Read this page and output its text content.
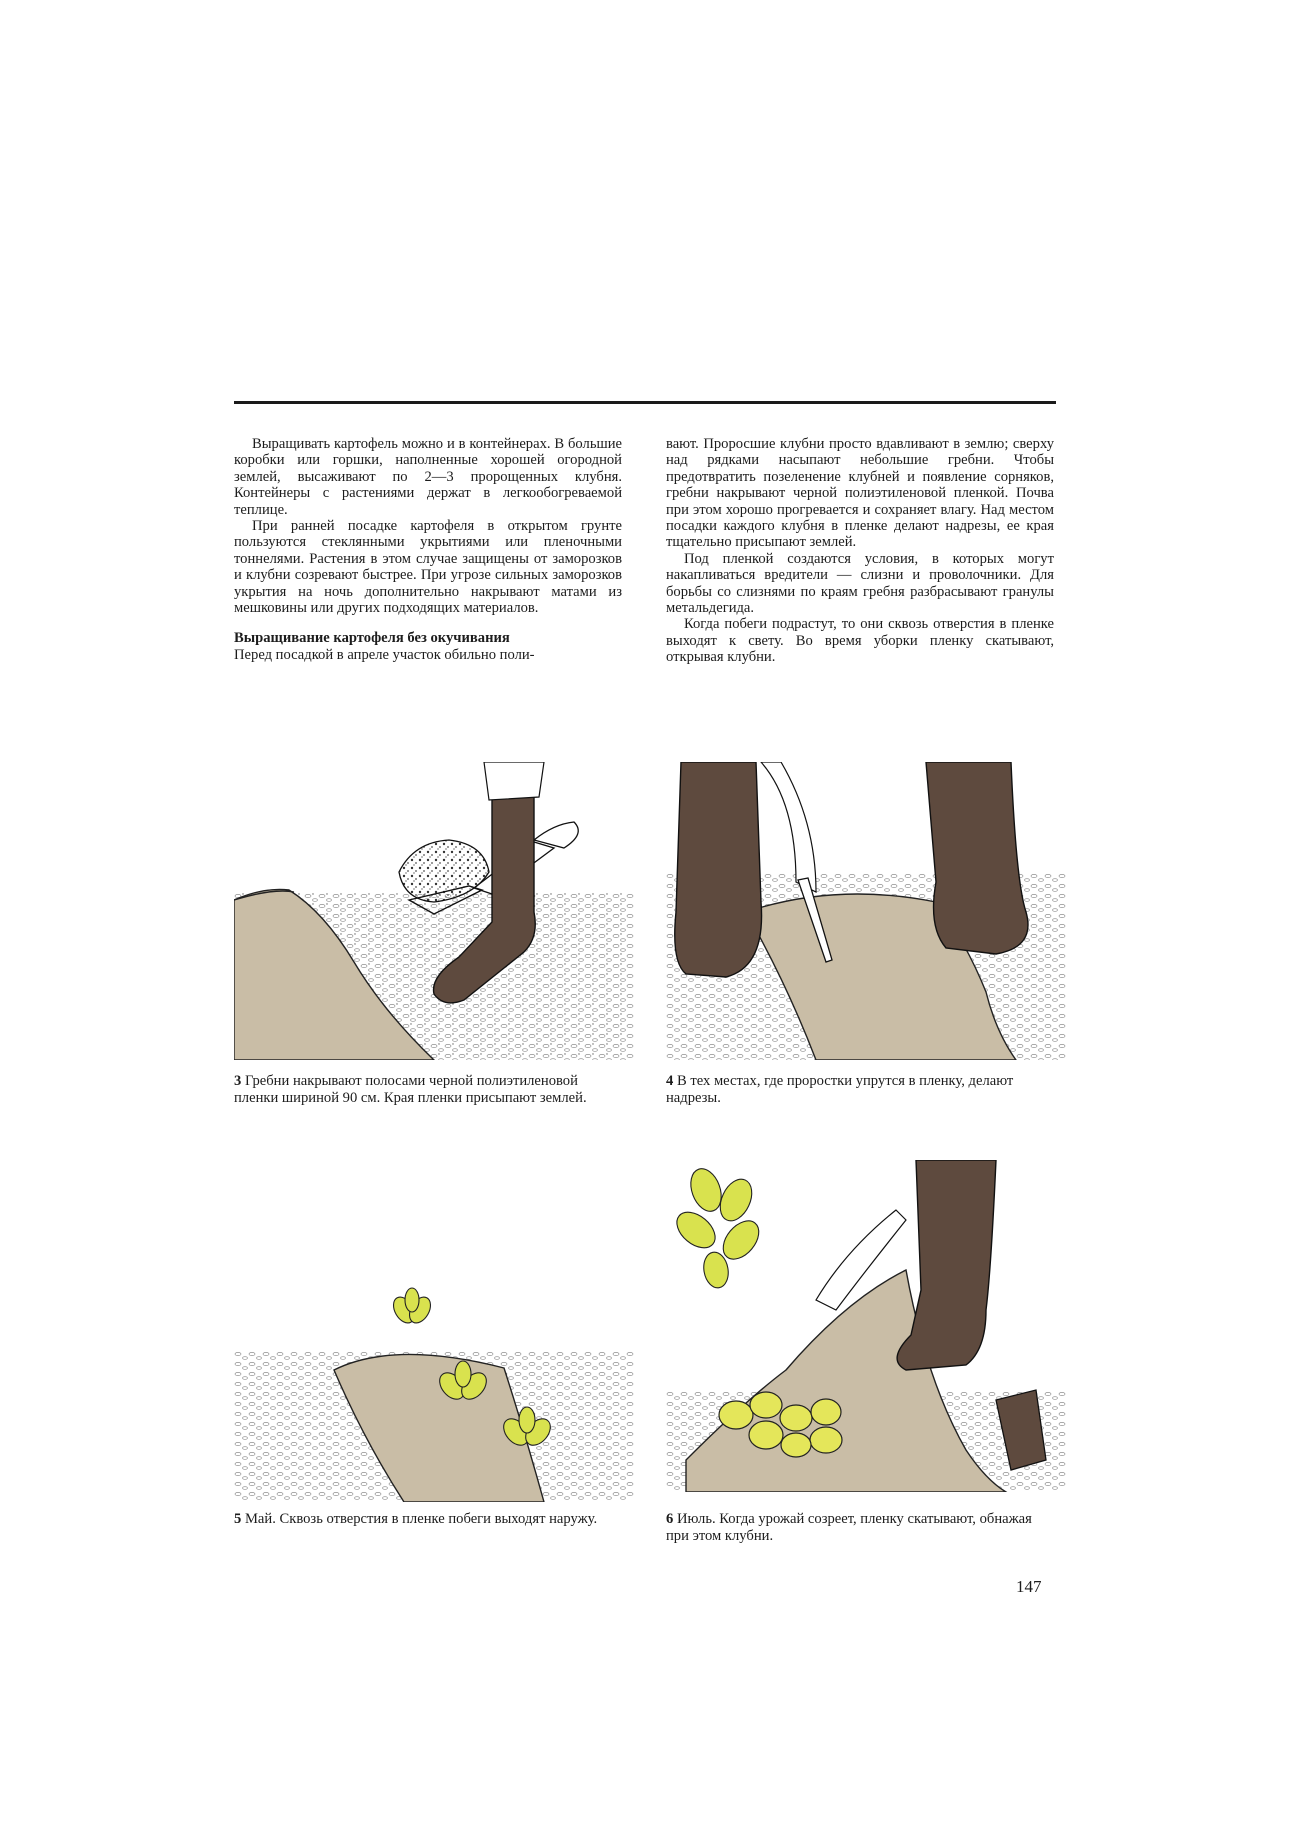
Выращивать картофель можно и в контейнерах. В большие коробки или горшки, наполненные хорошей огородной землей, высаживают по 2—3 пророщенных клубня. Контейнеры с растениями держат в легкообогреваемой теплице.

При ранней посадке картофеля в открытом грунте пользуются стеклянными укрытиями или пленочными тоннелями. Растения в этом случае защищены от заморозков и клубни созревают быстрее. При угрозе сильных заморозков укрытия на ночь дополнительно накрывают матами из мешковины или других подходящих материалов.

Выращивание картофеля без окучивания

Перед посадкой в апреле участок обильно поли-

вают. Проросшие клубни просто вдавливают в землю; сверху над рядками насыпают небольшие гребни. Чтобы предотвратить позеленение клубней и появление сорняков, гребни накрывают черной полиэтиленовой пленкой. Почва при этом хорошо прогревается и сохраняет влагу. Над местом посадки каждого клубня в пленке делают надрезы, ее края тщательно присыпают землей.

Под пленкой создаются условия, в которых могут накапливаться вредители — слизни и проволочники. Для борьбы со слизнями по краям гребня разбрасывают гранулы метальдегида.

Когда побеги подрастут, то они сквозь отверстия в пленке выходят к свету. Во время уборки пленку скатывают, открывая клубни.

3 Гребни накрывают полосами черной полиэтиленовой пленки шириной 90 см. Края пленки присыпают землей.
4 В тех местах, где проростки упрутся в пленку, делают надрезы.
5 Май. Сквозь отверстия в пленке побеги выходят наружу.	6 Июль. Когда урожай созреет, пленку скатывают, обнажая при этом клубни.
147
